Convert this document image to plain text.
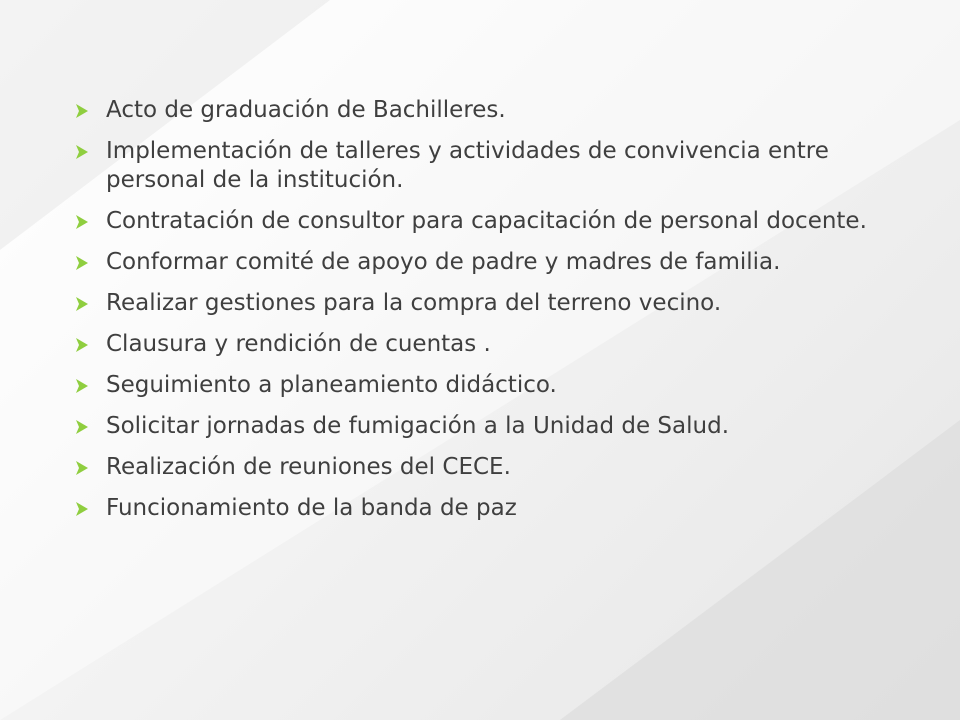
Acto de graduación de Bachilleres.
Implementación de talleres y actividades de convivencia entre personal de la institución.
Contratación de consultor para capacitación de personal docente.
Conformar comité de apoyo de padre y madres de familia.
Realizar gestiones para la compra del terreno vecino.
Clausura y rendición de cuentas .
Seguimiento a planeamiento didáctico.
Solicitar jornadas de fumigación a la Unidad de Salud.
Realización de reuniones del CECE.
Funcionamiento de la banda de paz
